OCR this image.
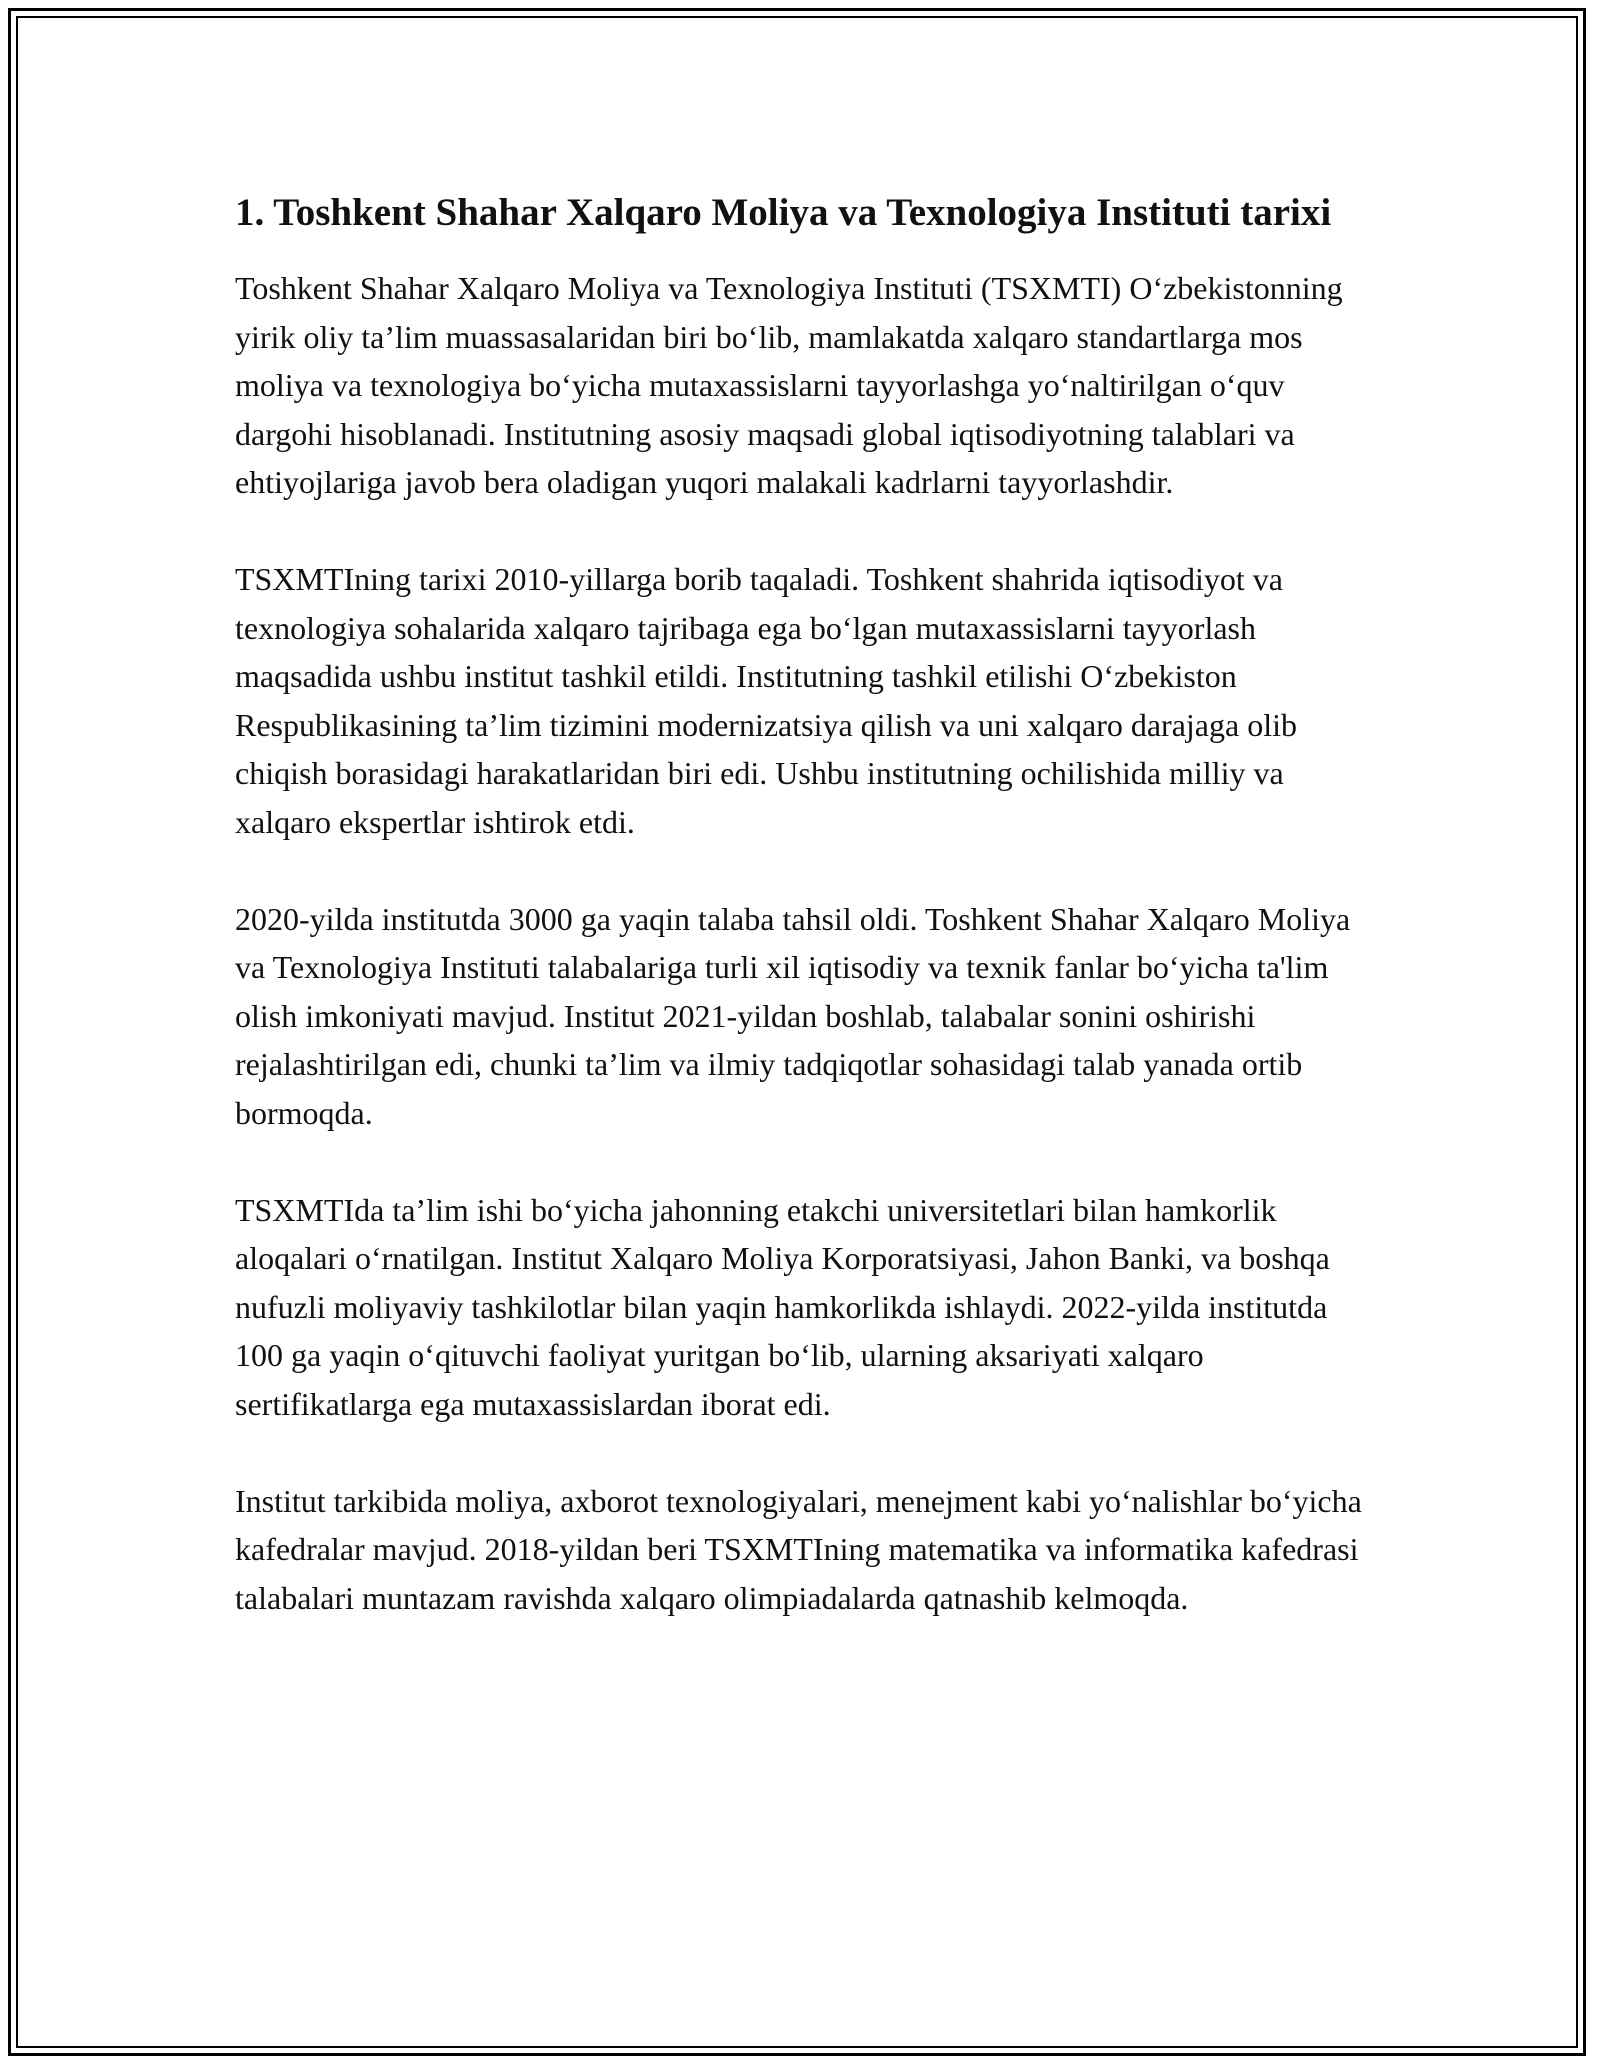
1. Toshkent Shahar Xalqaro Moliya va Texnologiya Instituti tarixi

Toshkent Shahar Xalqaro Moliya va Texnologiya Instituti (TSXMTI) O‘zbekistonning yirik oliy ta’lim muassasalaridan biri bo‘lib, mamlakatda xalqaro standartlarga mos moliya va texnologiya bo‘yicha mutaxassislarni tayyorlashga yo‘naltirilgan o‘quv dargohi hisoblanadi. Institutning asosiy maqsadi global iqtisodiyotning talablari va ehtiyojlariga javob bera oladigan yuqori malakali kadrlarni tayyorlashdir.

TSXMTIning tarixi 2010-yillarga borib taqaladi. Toshkent shahrida iqtisodiyot va texnologiya sohalarida xalqaro tajribaga ega bo‘lgan mutaxassislarni tayyorlash maqsadida ushbu institut tashkil etildi. Institutning tashkil etilishi O‘zbekiston Respublikasining ta’lim tizimini modernizatsiya qilish va uni xalqaro darajaga olib chiqish borasidagi harakatlaridan biri edi. Ushbu institutning ochilishida milliy va xalqaro ekspertlar ishtirok etdi.

2020-yilda institutda 3000 ga yaqin talaba tahsil oldi. Toshkent Shahar Xalqaro Moliya va Texnologiya Instituti talabalariga turli xil iqtisodiy va texnik fanlar bo‘yicha ta'lim olish imkoniyati mavjud. Institut 2021-yildan boshlab, talabalar sonini oshirishi rejalashtirilgan edi, chunki ta’lim va ilmiy tadqiqotlar sohasidagi talab yanada ortib bormoqda.

TSXMTIda ta’lim ishi bo‘yicha jahonning etakchi universitetlari bilan hamkorlik aloqalari o‘rnatilgan. Institut Xalqaro Moliya Korporatsiyasi, Jahon Banki, va boshqa nufuzli moliyaviy tashkilotlar bilan yaqin hamkorlikda ishlaydi. 2022-yilda institutda 100 ga yaqin o‘qituvchi faoliyat yuritgan bo‘lib, ularning aksariyati xalqaro sertifikatlarga ega mutaxassislardan iborat edi.

Institut tarkibida moliya, axborot texnologiyalari, menejment kabi yo‘nalishlar bo‘yicha kafedralar mavjud. 2018-yildan beri TSXMTIning matematika va informatika kafedrasi talabalari muntazam ravishda xalqaro olimpiadalarda qatnashib kelmoqda.
